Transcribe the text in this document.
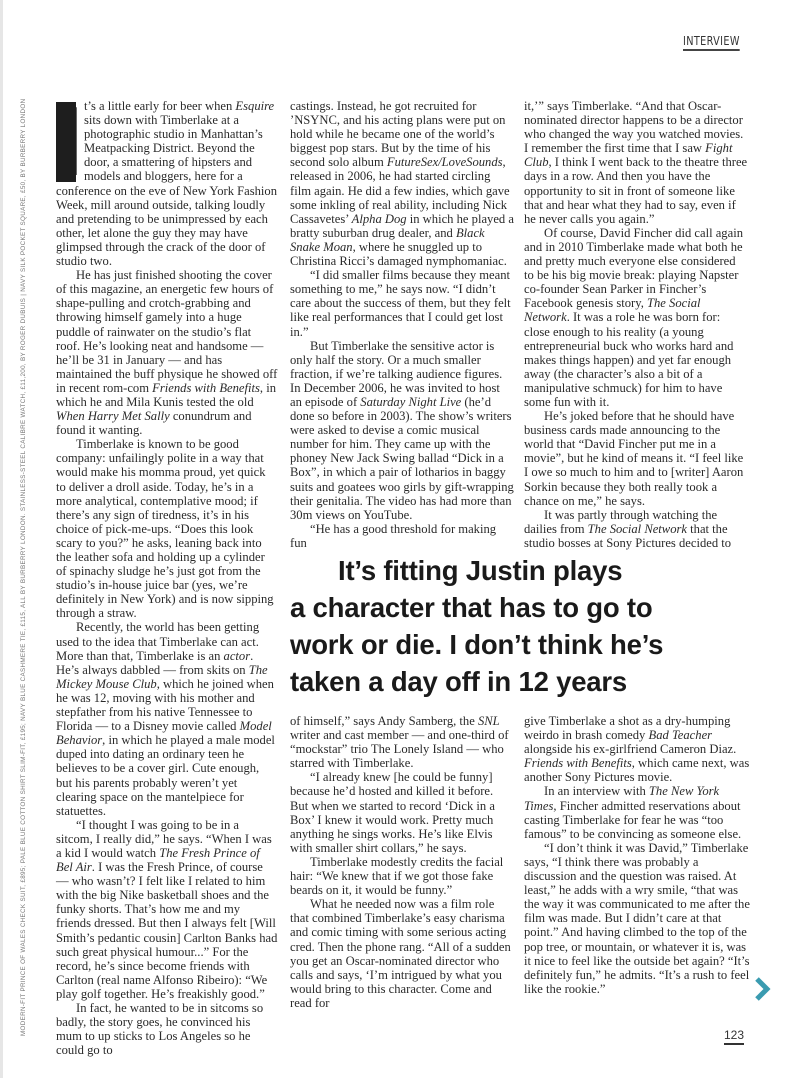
INTERVIEW
MODERN-FIT PRINCE OF WALES CHECK SUIT, £895; PALE BLUE COTTON SHIRT SLIM-FIT, £195; NAVY BLUE CASHMERE TIE, £115, ALL BY BURBERRY LONDON. STAINLESS-STEEL CALIBRE WATCH, £11,200, BY ROGER DUBUIS | NAVY SILK POCKET SQUARE, £50, BY BURBERRY LONDON I t’s a little early for beer when Esquire sits down with Timberlake at a photographic studio in Manhattan’s Meatpacking District. Beyond the door, a smattering of hipsters and models and bloggers, here for a conference on the eve of New York Fashion Week, mill around outside, talking loudly and pretending to be unimpressed by each other, let alone the guy they may have glimpsed through the crack of the door of studio two.

He has just finished shooting the cover of this magazine, an energetic few hours of shape-pulling and crotch-grabbing and throwing himself gamely into a huge puddle of rainwater on the studio’s flat roof. He’s looking neat and handsome — he’ll be 31 in January — and has maintained the buff physique he showed off in recent rom-com Friends with Benefits, in which he and Mila Kunis tested the old When Harry Met Sally conundrum and found it wanting.

Timberlake is known to be good company: unfailingly polite in a way that would make his momma proud, yet quick to deliver a droll aside. Today, he’s in a more analytical, contemplative mood; if there’s any sign of tiredness, it’s in his choice of pick-me-ups. “Does this look scary to you?” he asks, leaning back into the leather sofa and holding up a cylinder of spinachy sludge he’s just got from the studio’s in-house juice bar (yes, we’re definitely in New York) and is now sipping through a straw.

Recently, the world has been getting used to the idea that Timberlake can act. More than that, Timberlake is an actor. He’s always dabbled — from skits on The Mickey Mouse Club, which he joined when he was 12, moving with his mother and stepfather from his native Tennessee to Florida — to a Disney movie called Model Behavior, in which he played a male model duped into dating an ordinary teen he believes to be a cover girl. Cute enough, but his parents probably weren’t yet clearing space on the mantelpiece for statuettes.

“I thought I was going to be in a sitcom, I really did,” he says. “When I was a kid I would watch The Fresh Prince of Bel Air. I was the Fresh Prince, of course — who wasn’t? I felt like I related to him with the big Nike basketball shoes and the funky shorts. That’s how me and my friends dressed. But then I always felt [Will Smith’s pedantic cousin] Carlton Banks had such great physical humour...” For the record, he’s since become friends with Carlton (real name Alfonso Ribeiro): “We play golf together. He’s freakishly good.”

In fact, he wanted to be in sitcoms so badly, the story goes, he convinced his mum to up sticks to Los Angeles so he could go to

castings. Instead, he got recruited for ’NSYNC, and his acting plans were put on hold while he became one of the world’s biggest pop stars. But by the time of his second solo album FutureSex/LoveSounds, released in 2006, he had started circling film again. He did a few indies, which gave some inkling of real ability, including Nick Cassavetes’ Alpha Dog in which he played a bratty suburban drug dealer, and Black Snake Moan, where he snuggled up to Christina Ricci’s damaged nymphomaniac.

“I did smaller films because they meant something to me,” he says now. “I didn’t care about the success of them, but they felt like real performances that I could get lost in.”

But Timberlake the sensitive actor is only half the story. Or a much smaller fraction, if we’re talking audience figures. In December 2006, he was invited to host an episode of Saturday Night Live (he’d done so before in 2003). The show’s writers were asked to devise a comic musical number for him. They came up with the phoney New Jack Swing ballad “Dick in a Box”, in which a pair of lotharios in baggy suits and goatees woo girls by gift-wrapping their genitalia. The video has had more than 30m views on YouTube.

“He has a good threshold for making fun

it,’” says Timberlake. “And that Oscar-nominated director happens to be a director who changed the way you watched movies. I remember the first time that I saw Fight Club, I think I went back to the theatre three days in a row. And then you have the opportunity to sit in front of someone like that and hear what they had to say, even if he never calls you again.”

Of course, David Fincher did call again and in 2010 Timberlake made what both he and pretty much everyone else considered to be his big movie break: playing Napster co-founder Sean Parker in Fincher’s Facebook genesis story, The Social Network. It was a role he was born for: close enough to his reality (a young entrepreneurial buck who works hard and makes things happen) and yet far enough away (the character’s also a bit of a manipulative schmuck) for him to have some fun with it.

He’s joked before that he should have business cards made announcing to the world that “David Fincher put me in a movie”, but he kind of means it. “I feel like I owe so much to him and to [writer] Aaron Sorkin because they both really took a chance on me,” he says.

It was partly through watching the dailies from The Social Network that the studio bosses at Sony Pictures decided to

It’s fitting Justin plays
a character that has to go to
work or die. I don’t think he’s
taken a day off in 12 years

of himself,” says Andy Samberg, the SNL writer and cast member — and one-third of “mockstar” trio The Lonely Island — who starred with Timberlake.

“I already knew [he could be funny] because he’d hosted and killed it before. But when we started to record ‘Dick in a Box’ I knew it would work. Pretty much anything he sings works. He’s like Elvis with smaller shirt collars,” he says.

Timberlake modestly credits the facial hair: “We knew that if we got those fake beards on it, it would be funny.”

What he needed now was a film role that combined Timberlake’s easy charisma and comic timing with some serious acting cred. Then the phone rang. “All of a sudden you get an Oscar-nominated director who calls and says, ‘I’m intrigued by what you would bring to this character. Come and read for

give Timberlake a shot as a dry-humping weirdo in brash comedy Bad Teacher alongside his ex-girlfriend Cameron Diaz. Friends with Benefits, which came next, was another Sony Pictures movie.

In an interview with The New York Times, Fincher admitted reservations about casting Timberlake for fear he was “too famous” to be convincing as someone else.

“I don’t think it was David,” Timberlake says, “I think there was probably a discussion and the question was raised. At least,” he adds with a wry smile, “that was the way it was communicated to me after the film was made. But I didn’t care at that point.” And having climbed to the top of the pop tree, or mountain, or whatever it is, was it nice to feel like the outside bet again? “It’s definitely fun,” he admits. “It’s a rush to feel like the rookie.”

123
